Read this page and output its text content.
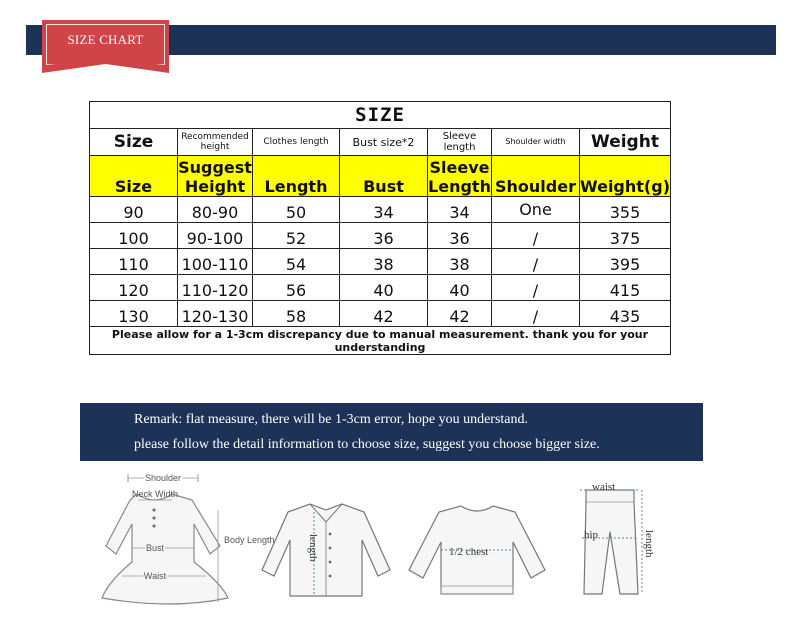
SIZE CHART
SIZE						
Size	Recommended height	Clothes length	Bust size*2	Sleeve length	Shoulder width	Weight
Size	Suggest Height	Length	Bust	Sleeve Length	Shoulder	Weight(g)
90	80-90	50	34	34	One	355
100	90-100	52	36	36	/	375
110	100-110	54	38	38	/	395
120	110-120	56	40	40	/	415
130	120-130	58	42	42	/	435
Please allow for a 1-3cm discrepancy due to manual measurement. thank you for your understanding						
Remark: flat measure, there will be 1-3cm error, hope you understand.
please follow the detail information to choose size, suggest you choose bigger size.
Shoulder
Neck Width
Bust
Waist
Body Length	length	1/2 chest
waist
hip	length
